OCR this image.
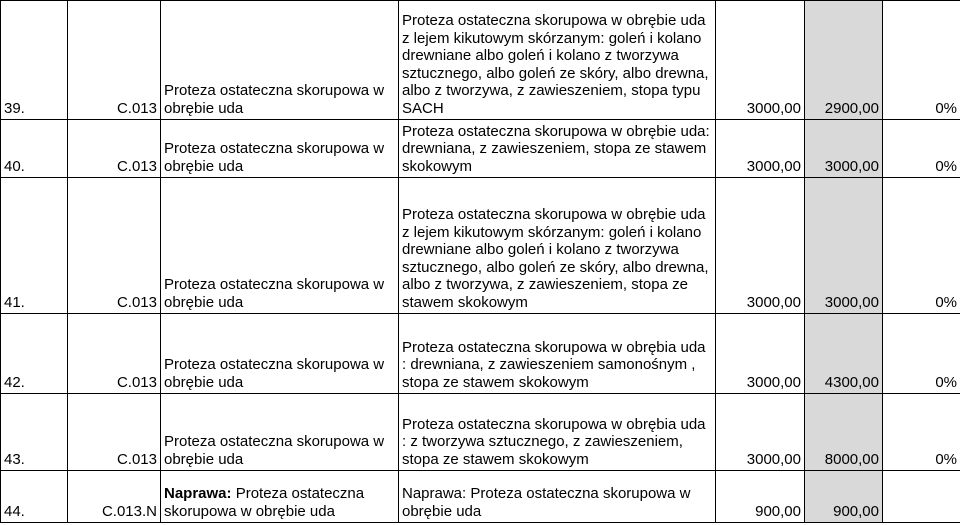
39.	C.013	Proteza ostateczna skorupowa w obrębie uda	Proteza ostateczna skorupowa w obrębie uda z lejem kikutowym skórzanym: goleń i kolano drewniane albo goleń i kolano z tworzywa sztucznego, albo goleń ze skóry, albo drewna, albo z tworzywa, z zawieszeniem, stopa typu SACH	3000,00	2900,00	0%
40.	C.013	Proteza ostateczna skorupowa w obrębie uda	Proteza ostateczna skorupowa w obrębie uda: drewniana, z zawieszeniem, stopa ze stawem skokowym	3000,00	3000,00	0%
41.	C.013	Proteza ostateczna skorupowa w obrębie uda	Proteza ostateczna skorupowa w obrębie uda z lejem kikutowym skórzanym: goleń i kolano drewniane albo goleń i kolano z tworzywa sztucznego, albo goleń ze skóry, albo drewna, albo z tworzywa, z zawieszeniem, stopa ze stawem skokowym	3000,00	3000,00	0%
42.	C.013	Proteza ostateczna skorupowa w obrębie uda	Proteza ostateczna skorupowa w obrębia uda : drewniana, z zawieszeniem samonośnym , stopa ze stawem skokowym	3000,00	4300,00	0%
43.	C.013	Proteza ostateczna skorupowa w obrębie uda	Proteza ostateczna skorupowa w obrębia uda : z tworzywa sztucznego, z zawieszeniem, stopa ze stawem skokowym	3000,00	8000,00	0%
44.	C.013.N	Naprawa: Proteza ostateczna skorupowa w obrębie uda	Naprawa: Proteza ostateczna skorupowa w obrębie uda	900,00	900,00	
